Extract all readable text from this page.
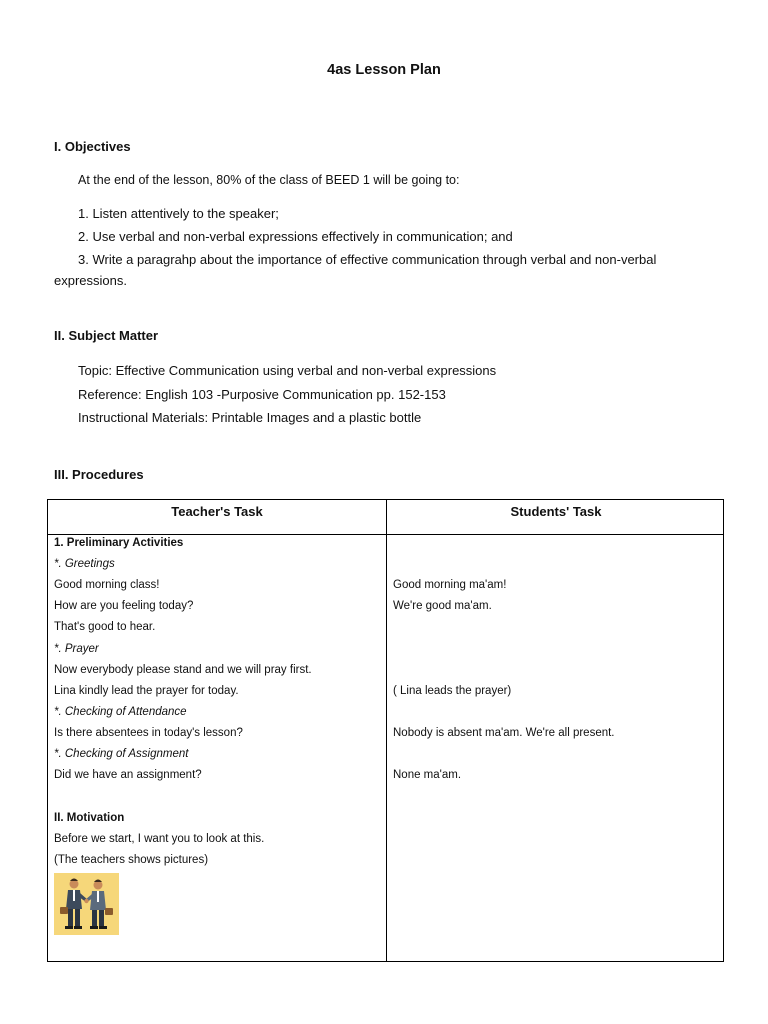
4as Lesson Plan
I. Objectives
At the end of the lesson, 80% of the class of BEED 1 will be going to:
1. Listen attentively to the speaker;
2. Use verbal and non-verbal expressions effectively in communication; and
3. Write a paragrahp about the importance of effective communication through verbal and non-verbal expressions.
II. Subject Matter
Topic: Effective Communication using verbal and non-verbal expressions
Reference: English 103 -Purposive Communication pp. 152-153
Instructional Materials: Printable Images and a plastic bottle
III. Procedures
Teacher's Task	Students' Task
1. Preliminary Activities
*. Greetings
Good morning class!
How are you feeling today?
That's good to hear.
*. Prayer
Now everybody please stand and we will pray first.
Lina kindly lead the prayer for today.
*. Checking of Attendance
Is there absentees in today's lesson?
*. Checking of Assignment
Did we have an assignment?
II. Motivation
Before we start, I want you to look at this.
(The teachers shows pictures)
Good morning ma'am!
We're good ma'am.
( Lina leads the prayer)
Nobody is absent ma'am. We're all present.
None ma'am.
